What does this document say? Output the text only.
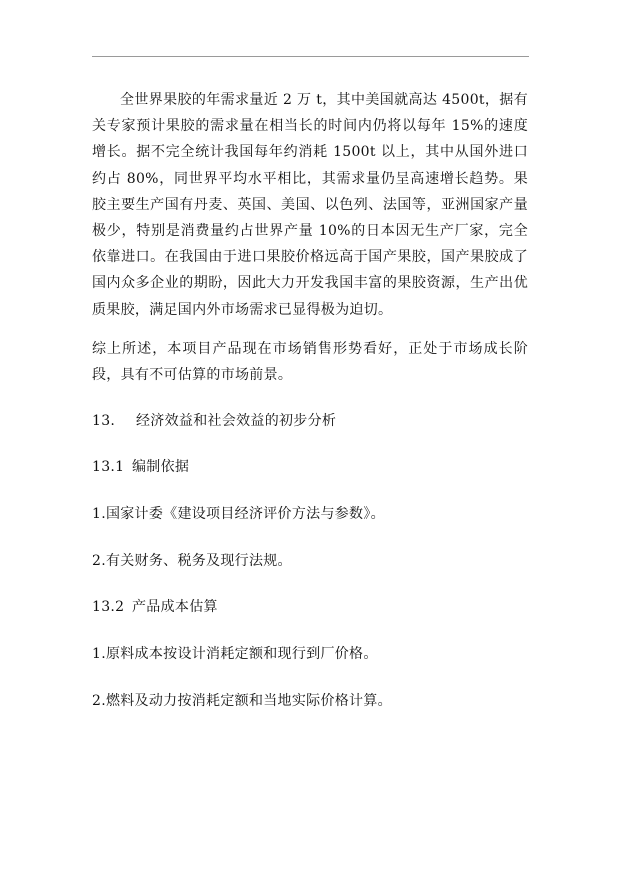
全世界果胶的年需求量近 2 万 t，其中美国就高达 4500t，据有关专家预计果胶的需求量在相当长的时间内仍将以每年 15%的速度增长。据不完全统计我国每年约消耗 1500t 以上，其中从国外进口约占 80%，同世界平均水平相比，其需求量仍呈高速增长趋势。果胶主要生产国有丹麦、英国、美国、以色列、法国等，亚洲国家产量极少，特别是消费量约占世界产量 10%的日本因无生产厂家，完全依靠进口。在我国由于进口果胶价格远高于国产果胶，国产果胶成了国内众多企业的期盼，因此大力开发我国丰富的果胶资源，生产出优质果胶，满足国内外市场需求已显得极为迫切。

综上所述，本项目产品现在市场销售形势看好，正处于市场成长阶段，具有不可估算的市场前景。

13. 经济效益和社会效益的初步分析

13.1 编制依据

1.国家计委《建设项目经济评价方法与参数》。

2.有关财务、税务及现行法规。

13.2 产品成本估算

1.原料成本按设计消耗定额和现行到厂价格。

2.燃料及动力按消耗定额和当地实际价格计算。
